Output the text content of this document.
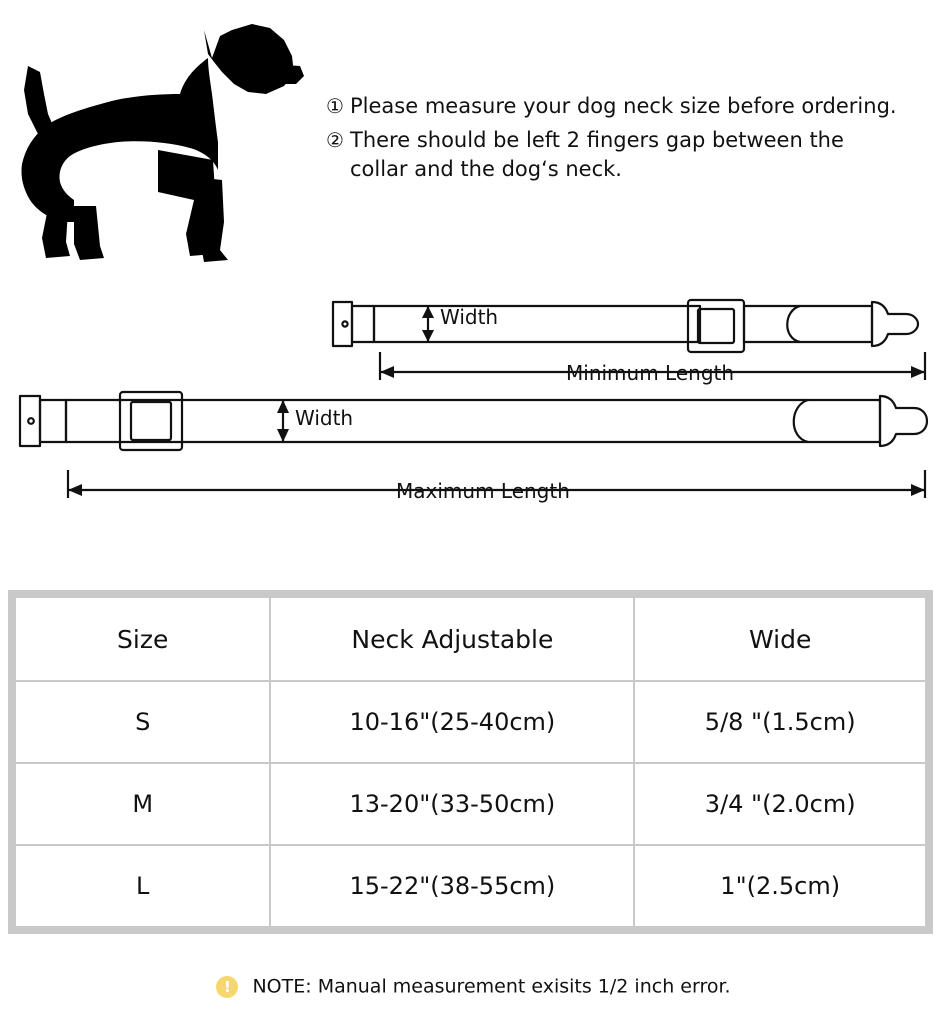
① Please measure your dog neck size before ordering.
② There should be left 2 fingers gap between the
collar and the dog‘s neck.
Width
Minimum Length
Width
Maximum Length
Size	Neck Adjustable	Wide
S	10-16"(25-40cm)	5/8 "(1.5cm)
M	13-20"(33-50cm)	3/4 "(2.0cm)
L	15-22"(38-55cm)	1"(2.5cm)
! NOTE: Manual measurement exisits 1/2 inch error.
